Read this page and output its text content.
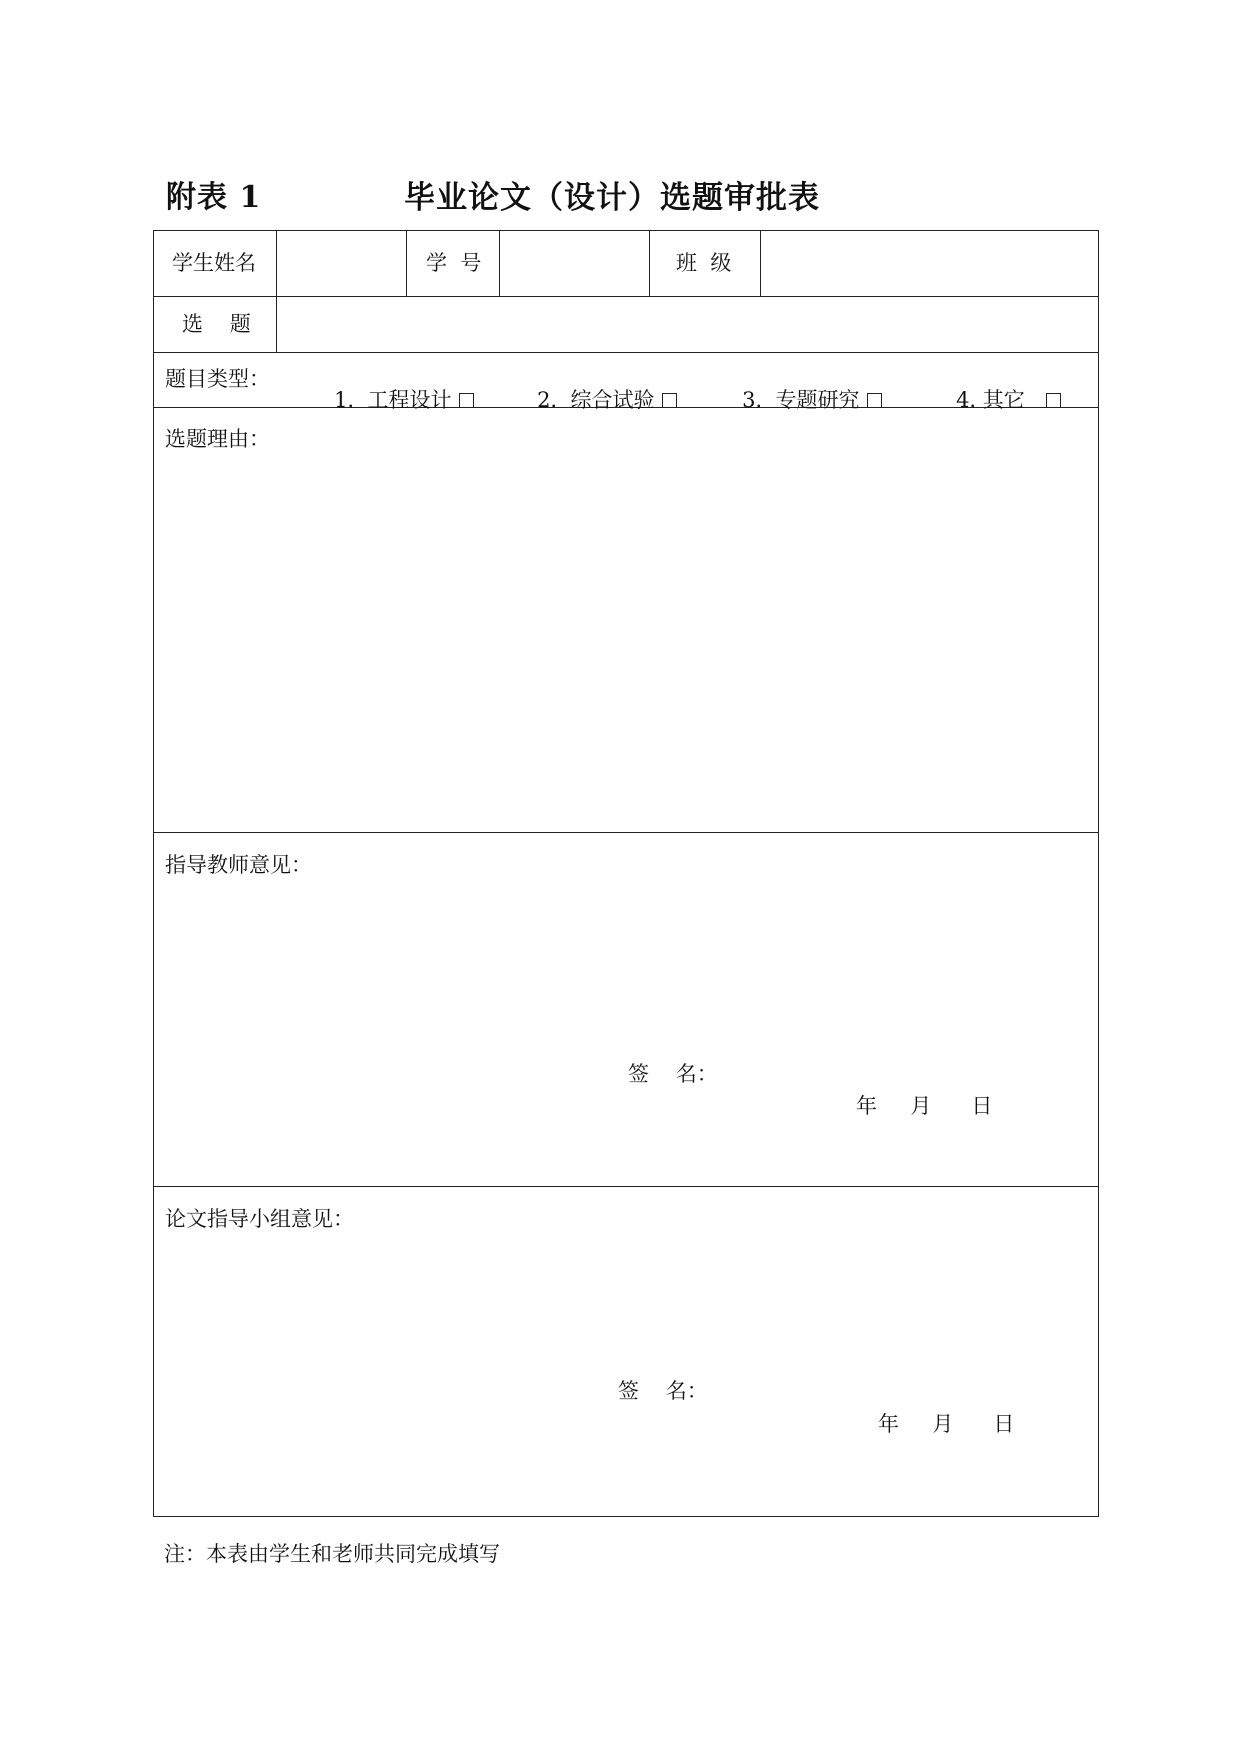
附表 1	毕业论文（设计）选题审批表
学生姓名	学  号	班  级
选    题
题目类型：

1.  工程设计
	2.  综合试验
	3.  专题研究
	4. 其它

选题理由：
指导教师意见：
签    名：
年     月      日
论文指导小组意见：
签    名：
年     月      日
注：本表由学生和老师共同完成填写
